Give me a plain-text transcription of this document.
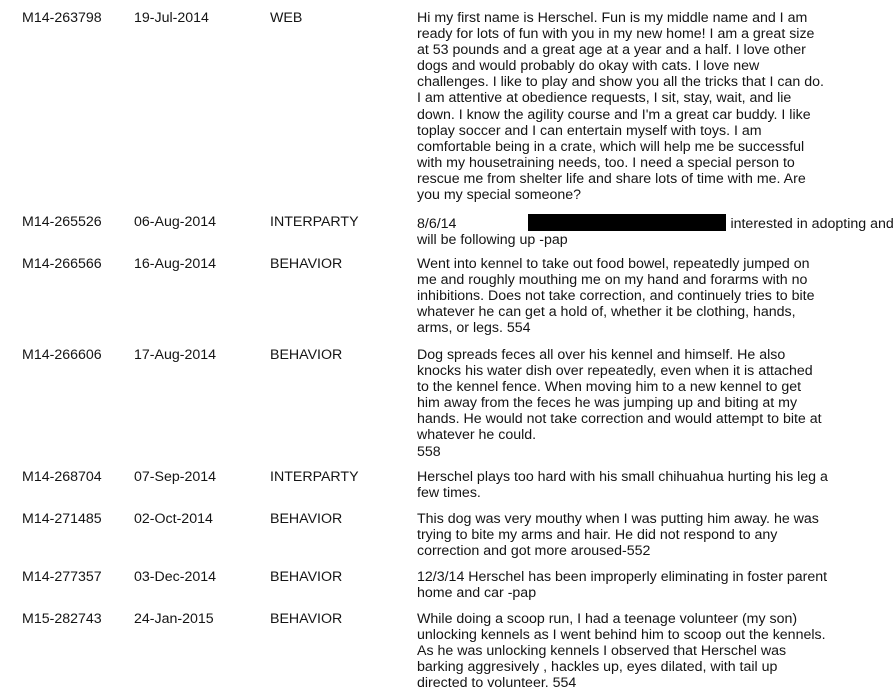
M14-263798 19-Jul-2014	WEB	Hi my first name is Herschel. Fun is my middle name and I am
ready for lots of fun with you in my new home! I am a great size
at 53 pounds and a great age at a year and a half. I love other
dogs and would probably do okay with cats. I love new
challenges. I like to play and show you all the tricks that I can do.
I am attentive at obedience requests, I sit, stay, wait, and lie
down. I know the agility course and I'm a great car buddy. I like
toplay soccer and I can entertain myself with toys. I am
comfortable being in a crate, which will help me be successful
with my housetraining needs, too. I need a special person to
rescue me from shelter life and share lots of time with me. Are
you my special someone?
M14-265526 06-Aug-2014	INTERPARTY	8/6/14	interested in adopting and
will be following up -pap
M14-266566 16-Aug-2014	BEHAVIOR	Went into kennel to take out food bowel, repeatedly jumped on
me and roughly mouthing me on my hand and forarms with no
inhibitions. Does not take correction, and continuely tries to bite
whatever he can get a hold of, whether it be clothing, hands,
arms, or legs. 554
M14-266606 17-Aug-2014	BEHAVIOR	Dog spreads feces all over his kennel and himself. He also
knocks his water dish over repeatedly, even when it is attached
to the kennel fence. When moving him to a new kennel to get
him away from the feces he was jumping up and biting at my
hands. He would not take correction and would attempt to bite at
whatever he could.
558
M14-268704 07-Sep-2014	INTERPARTY	Herschel plays too hard with his small chihuahua hurting his leg a
few times.
M14-271485 02-Oct-2014	BEHAVIOR	This dog was very mouthy when I was putting him away. he was
trying to bite my arms and hair. He did not respond to any
correction and got more aroused-552
M14-277357 03-Dec-2014	BEHAVIOR	12/3/14 Herschel has been improperly eliminating in foster parent
home and car -pap
M15-282743 24-Jan-2015	BEHAVIOR	While doing a scoop run, I had a teenage volunteer (my son)
unlocking kennels as I went behind him to scoop out the kennels.
As he was unlocking kennels I observed that Herschel was
barking aggresively , hackles up, eyes dilated, with tail up
directed to volunteer. 554
